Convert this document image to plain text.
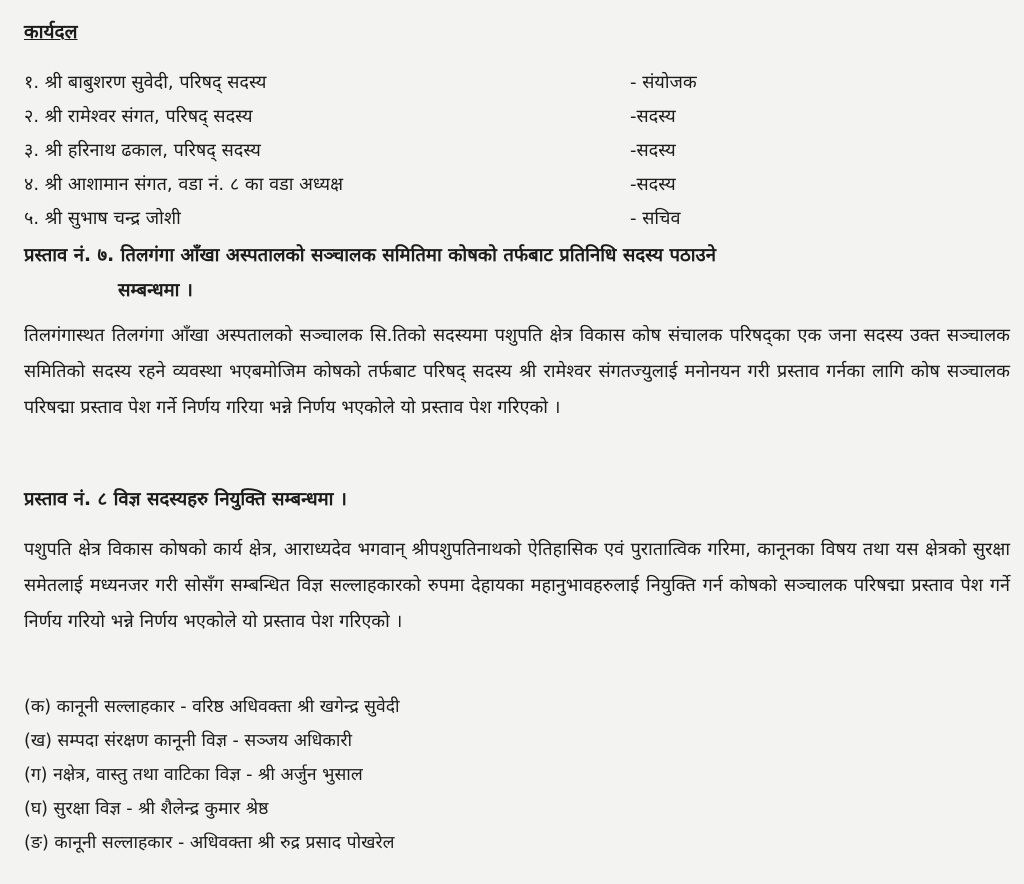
कार्यदल
१. श्री बाबुशरण सुवेदी, परिषद् सदस्य	- संयोजक
२. श्री रामेश्वर संगत, परिषद् सदस्य	-सदस्य
३. श्री हरिनाथ ढकाल, परिषद् सदस्य	-सदस्य
४. श्री आशामान संगत, वडा नं. ८ का वडा अध्यक्ष	-सदस्य
५. श्री सुभाष चन्द्र जोशी	- सचिव
प्रस्ताव नं. ७. तिलगंगा आँखा अस्पतालको सञ्चालक समितिमा कोषको तर्फबाट प्रतिनिधि सदस्य पठाउने
सम्बन्धमा ।
तिलगंगास्थत तिलगंगा आँखा अस्पतालको सञ्चालक सि.तिको सदस्यमा पशुपति क्षेत्र विकास कोष संचालक परिषद्का एक जना सदस्य उक्त सञ्चालक समितिको सदस्य रहने व्यवस्था भएबमोजिम कोषको तर्फबाट परिषद् सदस्य श्री रामेश्वर संगतज्युलाई मनोनयन गरी प्रस्ताव गर्नका लागि कोष सञ्चालक परिषद्मा प्रस्ताव पेश गर्ने निर्णय गरिया भन्ने निर्णय भएकोले यो प्रस्ताव पेश गरिएको ।
प्रस्ताव नं. ८ विज्ञ सदस्यहरु नियुक्ति सम्बन्धमा ।
पशुपति क्षेत्र विकास कोषको कार्य क्षेत्र, आराध्यदेव भगवान् श्रीपशुपतिनाथको ऐतिहासिक एवं पुरातात्विक गरिमा, कानूनका विषय तथा यस क्षेत्रको सुरक्षा समेतलाई मध्यनजर गरी सोसँग सम्बन्धित विज्ञ सल्लाहकारको रुपमा देहायका महानुभावहरुलाई नियुक्ति गर्न कोषको सञ्चालक परिषद्मा प्रस्ताव पेश गर्ने निर्णय गरियो भन्ने निर्णय भएकोले यो प्रस्ताव पेश गरिएको ।
(क) कानूनी सल्लाहकार - वरिष्ठ अधिवक्ता श्री खगेन्द्र सुवेदी
(ख) सम्पदा संरक्षण कानूनी विज्ञ - सञ्जय अधिकारी
(ग) नक्षेत्र, वास्तु तथा वाटिका विज्ञ - श्री अर्जुन भुसाल
(घ) सुरक्षा विज्ञ - श्री शैलेन्द्र कुमार श्रेष्ठ
(ङ) कानूनी सल्लाहकार - अधिवक्ता श्री रुद्र प्रसाद पोखरेल
